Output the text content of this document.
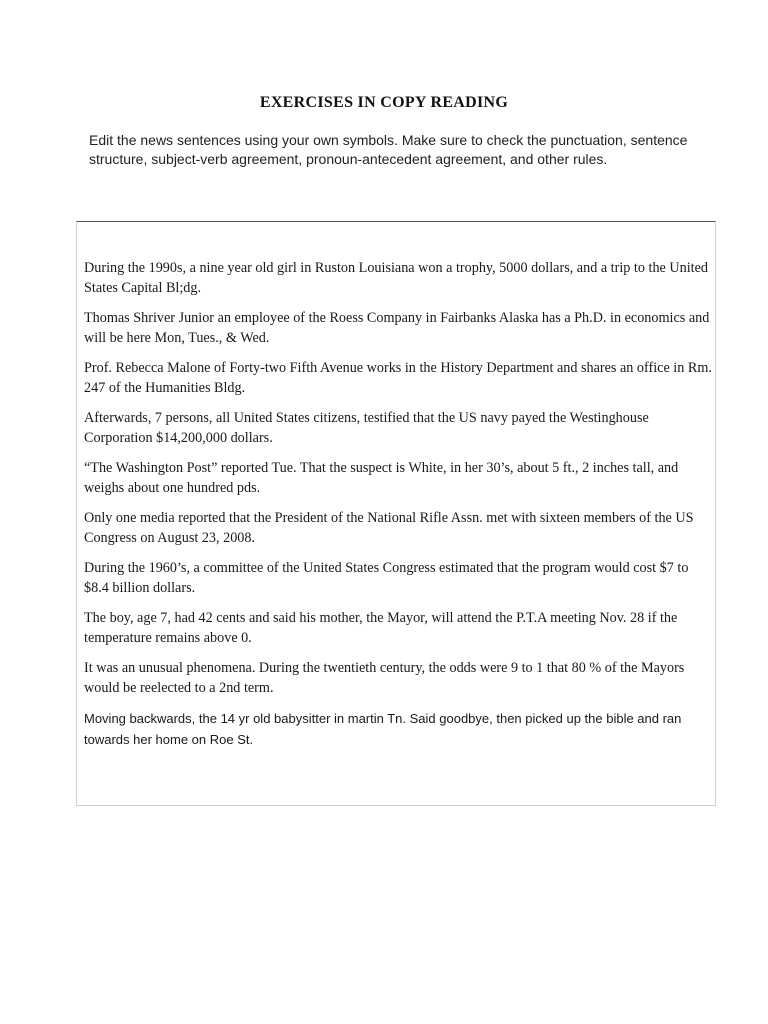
EXERCISES IN COPY READING
Edit the news sentences using your own symbols. Make sure to check the punctuation, sentence structure, subject-verb agreement, pronoun-antecedent agreement, and other rules.
During the 1990s, a nine year old girl in Ruston Louisiana won a trophy, 5000 dollars, and a trip to the United States Capital Bl;dg.
Thomas Shriver Junior an employee of the Roess Company in Fairbanks Alaska has a Ph.D. in economics and will be here Mon, Tues., & Wed.
Prof. Rebecca Malone of Forty-two Fifth Avenue works in the History Department and shares an office in Rm. 247 of the Humanities Bldg.
Afterwards, 7 persons, all United States citizens, testified that the US navy payed the Westinghouse Corporation $14,200,000 dollars.
“The Washington Post” reported Tue. That the suspect is White, in her 30’s, about 5 ft., 2 inches tall, and weighs about one hundred pds.
Only one media reported that the President of the National Rifle Assn. met with sixteen members of the US Congress on August 23, 2008.
During the 1960’s, a committee of the United States Congress estimated that the program would cost $7 to $8.4 billion dollars.
The boy, age 7, had 42 cents and said his mother, the Mayor, will attend the P.T.A meeting Nov. 28 if the temperature remains above 0.
It was an unusual phenomena. During the twentieth century, the odds were 9 to 1 that 80 % of the Mayors would be reelected to a 2nd term.
Moving backwards, the 14 yr old babysitter in martin Tn. Said goodbye, then picked up the bible and ran towards her home on Roe St.
